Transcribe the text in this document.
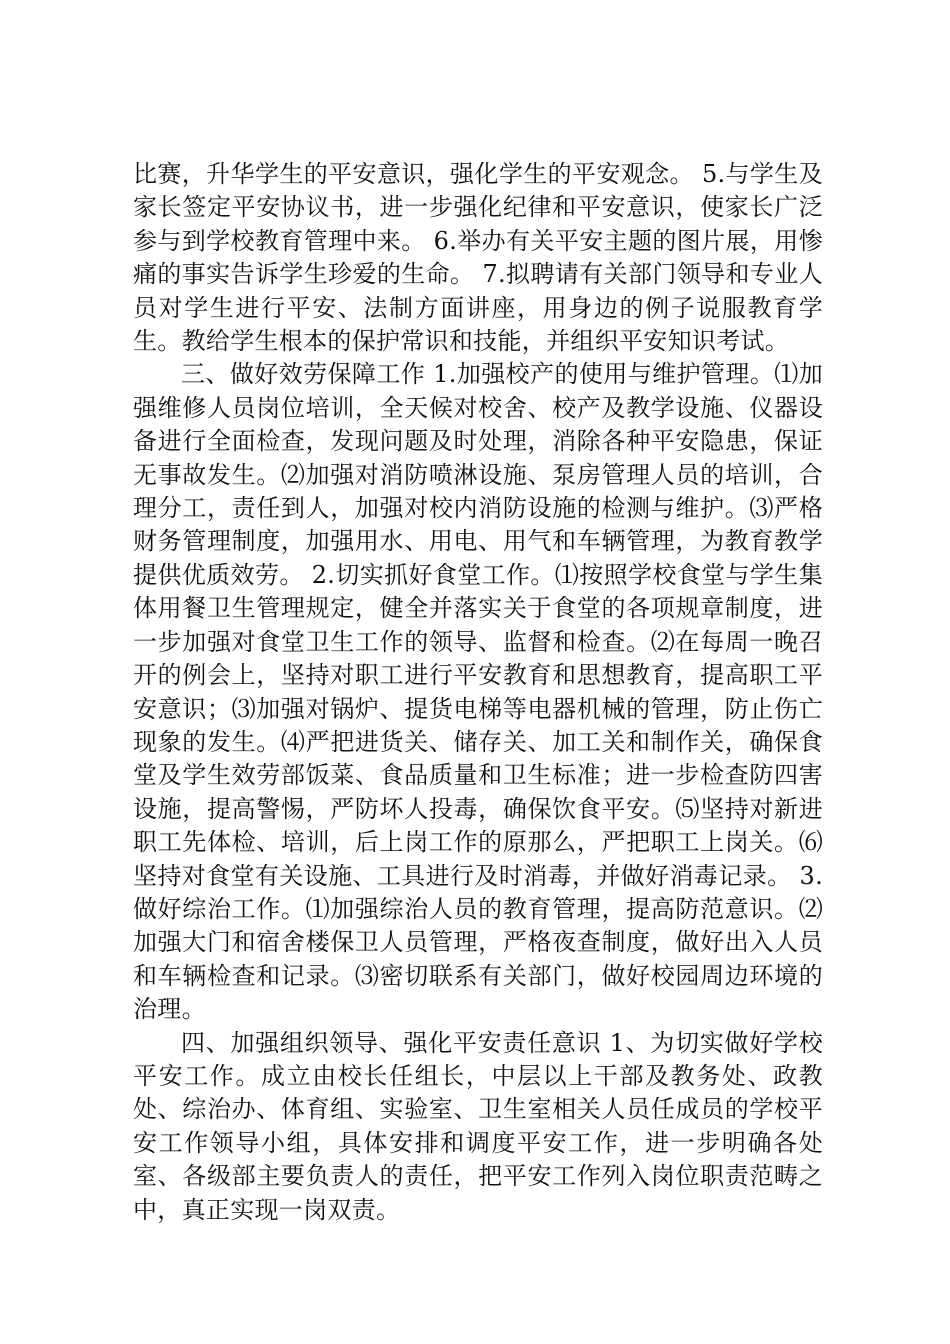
比赛，升华学生的平安意识，强化学生的平安观念。 5.与学生及家长签定平安协议书，进一步强化纪律和平安意识，使家长广泛参与到学校教育管理中来。 6.举办有关平安主题的图片展，用惨痛的事实告诉学生珍爱的生命。 7.拟聘请有关部门领导和专业人员对学生进行平安、法制方面讲座，用身边的例子说服教育学生。教给学生根本的保护常识和技能，并组织平安知识考试。

三、做好效劳保障工作 1.加强校产的使用与维护管理。⑴加强维修人员岗位培训，全天候对校舍、校产及教学设施、仪器设备进行全面检查，发现问题及时处理，消除各种平安隐患，保证无事故发生。⑵加强对消防喷淋设施、泵房管理人员的培训，合理分工，责任到人，加强对校内消防设施的检测与维护。⑶严格财务管理制度，加强用水、用电、用气和车辆管理，为教育教学提供优质效劳。 2.切实抓好食堂工作。⑴按照学校食堂与学生集体用餐卫生管理规定，健全并落实关于食堂的各项规章制度，进一步加强对食堂卫生工作的领导、监督和检查。⑵在每周一晚召开的例会上，坚持对职工进行平安教育和思想教育，提高职工平安意识；⑶加强对锅炉、提货电梯等电器机械的管理，防止伤亡现象的发生。⑷严把进货关、储存关、加工关和制作关，确保食堂及学生效劳部饭菜、食品质量和卫生标准；进一步检查防四害设施，提高警惕，严防坏人投毒，确保饮食平安。⑸坚持对新进职工先体检、培训，后上岗工作的原那么，严把职工上岗关。⑹坚持对食堂有关设施、工具进行及时消毒，并做好消毒记录。 3.做好综治工作。⑴加强综治人员的教育管理，提高防范意识。⑵加强大门和宿舍楼保卫人员管理，严格夜查制度，做好出入人员和车辆检查和记录。⑶密切联系有关部门，做好校园周边环境的治理。

四、加强组织领导、强化平安责任意识 1、为切实做好学校平安工作。成立由校长任组长，中层以上干部及教务处、政教处、综治办、体育组、实验室、卫生室相关人员任成员的学校平安工作领导小组，具体安排和调度平安工作，进一步明确各处室、各级部主要负责人的责任，把平安工作列入岗位职责范畴之中，真正实现一岗双责。
